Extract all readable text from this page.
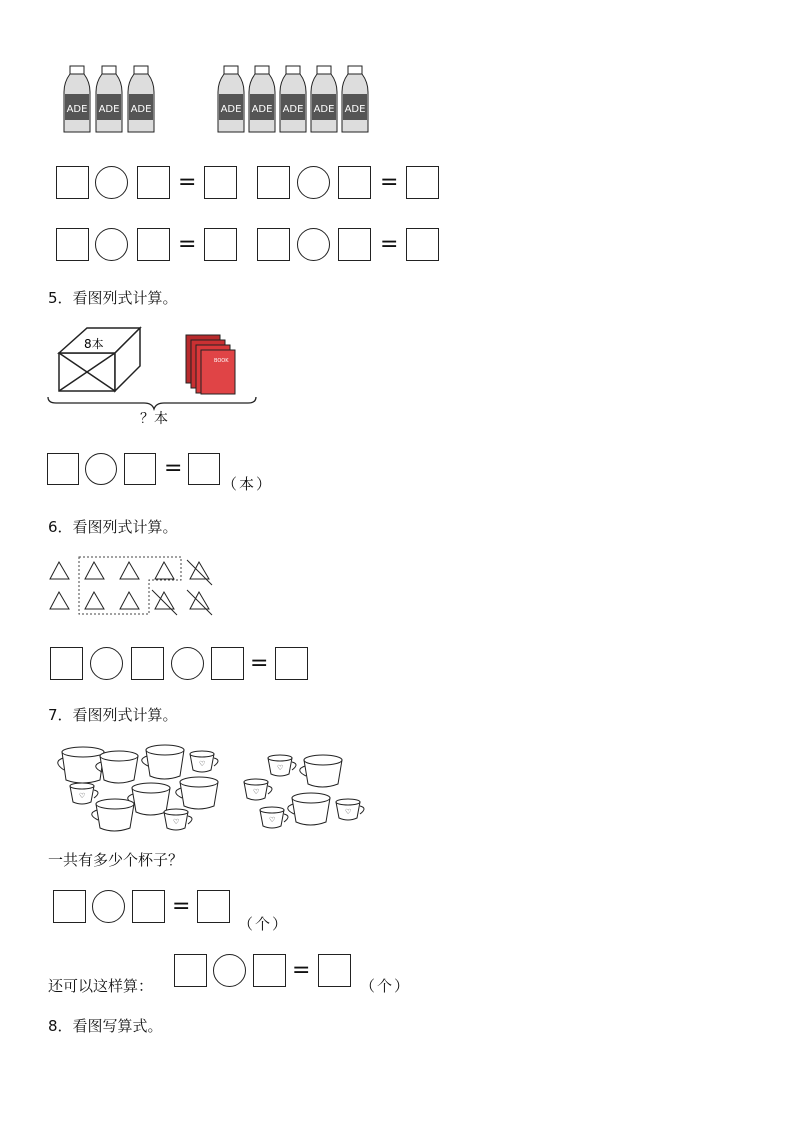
ADE ADE ADE	ADE ADE ADE ADE ADE
=	=
=	=
5．看图列式计算。
8本
BOOK
？本
=
（本）
6．看图列式计算。
=
7．看图列式计算。
♡
♡
♡
♡
♡
♡
♡
一共有多少个杯子？
=
（个）
还可以这样算：
=
（个）
8．看图写算式。
